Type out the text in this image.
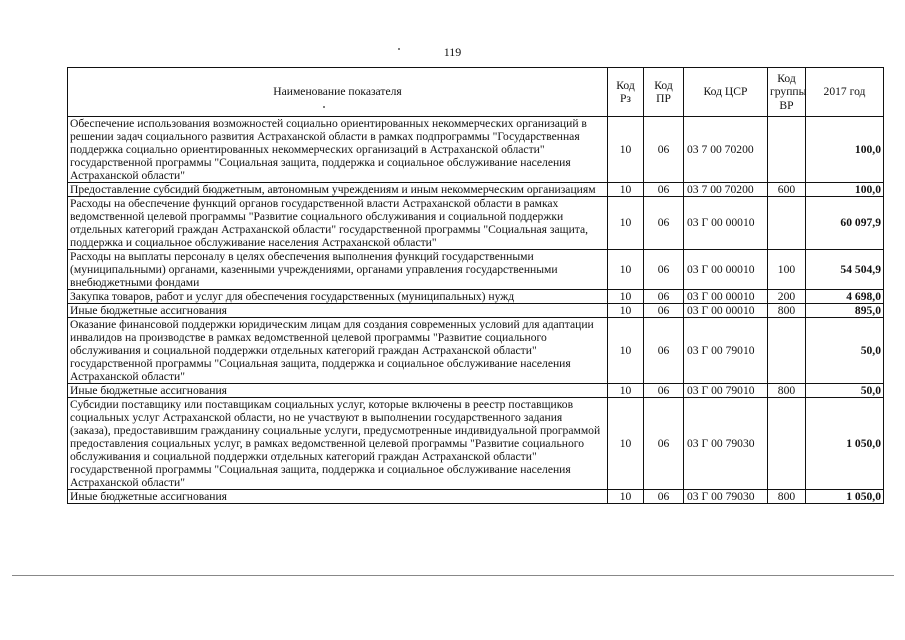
119
Наименование показателя	Код Рз	Код ПР	Код ЦСР	Код группы ВР	2017 год
Обеспечение использования возможностей социально ориентированных некоммерческих организаций в решении задач социального развития Астраханской области в рамках подпрограммы "Государственная поддержка социально ориентированных некоммерческих организаций в Астраханской области" государственной программы "Социальная защита, поддержка и социальное обслуживание населения Астраханской области"	10	06	03 7 00 70200		100,0
Предоставление субсидий бюджетным, автономным учреждениям и иным некоммерческим организациям	10	06	03 7 00 70200	600	100,0
Расходы на обеспечение функций органов государственной власти Астраханской области в рамках ведомственной целевой программы "Развитие социального обслуживания и социальной поддержки отдельных категорий граждан Астраханской области" государственной программы "Социальная защита, поддержка и социальное обслуживание населения Астраханской области"	10	06	03 Г 00 00010		60 097,9
Расходы на выплаты персоналу в целях обеспечения выполнения функций государственными (муниципальными) органами, казенными учреждениями, органами управления государственными внебюджетными фондами	10	06	03 Г 00 00010	100	54 504,9
Закупка товаров, работ и услуг для обеспечения государственных (муниципальных) нужд	10	06	03 Г 00 00010	200	4 698,0
Иные бюджетные ассигнования	10	06	03 Г 00 00010	800	895,0
Оказание финансовой поддержки юридическим лицам для создания современных условий для адаптации инвалидов на производстве в рамках ведомственной целевой программы "Развитие социального обслуживания и социальной поддержки отдельных категорий граждан Астраханской области" государственной программы "Социальная защита, поддержка и социальное обслуживание населения Астраханской области"	10	06	03 Г 00 79010		50,0
Иные бюджетные ассигнования	10	06	03 Г 00 79010	800	50,0
Субсидии поставщику или поставщикам социальных услуг, которые включены в реестр поставщиков социальных услуг Астраханской области, но не участвуют в выполнении государственного задания (заказа), предоставившим гражданину социальные услуги, предусмотренные индивидуальной программой предоставления социальных услуг, в рамках ведомственной целевой программы "Развитие социального обслуживания и социальной поддержки отдельных категорий граждан Астраханской области" государственной программы "Социальная защита, поддержка и социальное обслуживание населения Астраханской области"	10	06	03 Г 00 79030		1 050,0
Иные бюджетные ассигнования	10	06	03 Г 00 79030	800	1 050,0
